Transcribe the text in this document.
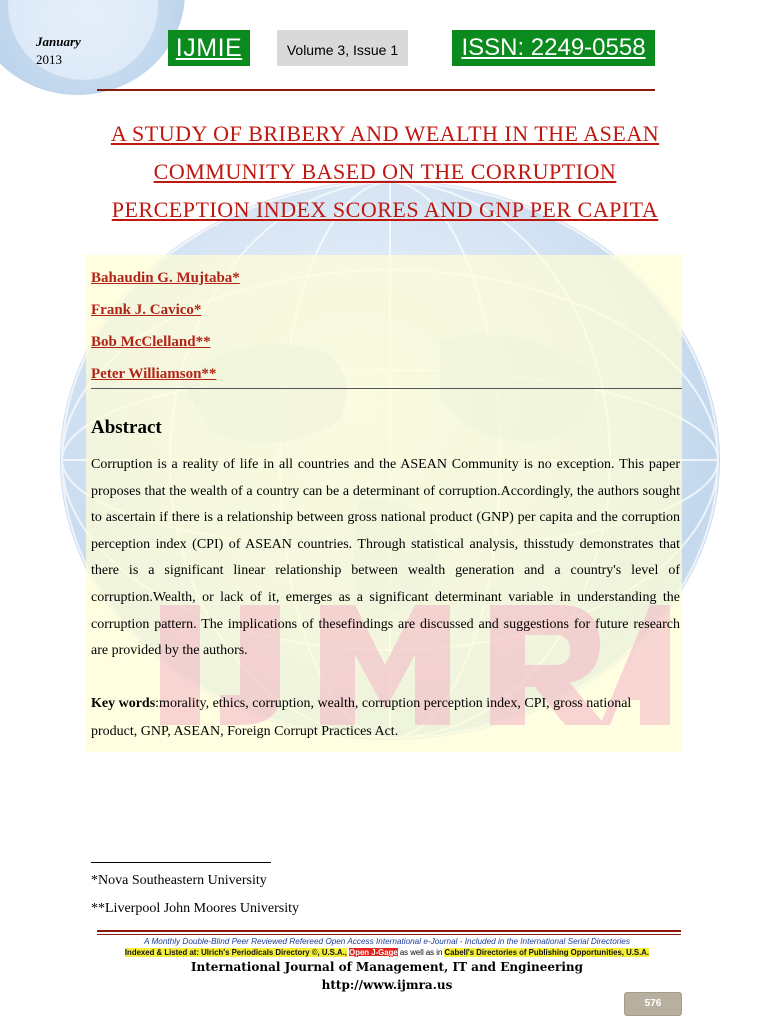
January
2013	IJMIE	Volume 3, Issue 1	ISSN: 2249-0558
A STUDY OF BRIBERY AND WEALTH IN THE ASEAN
COMMUNITY BASED ON THE CORRUPTION
PERCEPTION INDEX SCORES AND GNP PER CAPITA
Bahaudin G. Mujtaba*
Frank J. Cavico*
Bob McClelland**
Peter Williamson**
Abstract
Corruption is a reality of life in all countries and the ASEAN Community is no exception. This paper proposes that the wealth of a country can be a determinant of corruption.Accordingly, the authors sought to ascertain if there is a relationship between gross national product (GNP) per capita and the corruption perception index (CPI) of ASEAN countries. Through statistical analysis, thisstudy demonstrates that there is a significant linear relationship between wealth generation and a country's level of corruption.Wealth, or lack of it, emerges as a significant determinant variable in understanding the corruption pattern. The implications of thesefindings are discussed and suggestions for future research are provided by the authors.
Key words:morality, ethics, corruption, wealth, corruption perception index, CPI, gross national product, GNP, ASEAN, Foreign Corrupt Practices Act.
*Nova Southeastern University
**Liverpool John Moores University
A Monthly Double-Blind Peer Reviewed Refereed Open Access International e-Journal - Included in the International Serial Directories
Indexed & Listed at: Ulrich's Periodicals Directory ©, U.S.A., Open J-Gage as well as in Cabell's Directories of Publishing Opportunities, U.S.A.
International Journal of Management, IT and Engineering
http://www.ijmra.us
576
